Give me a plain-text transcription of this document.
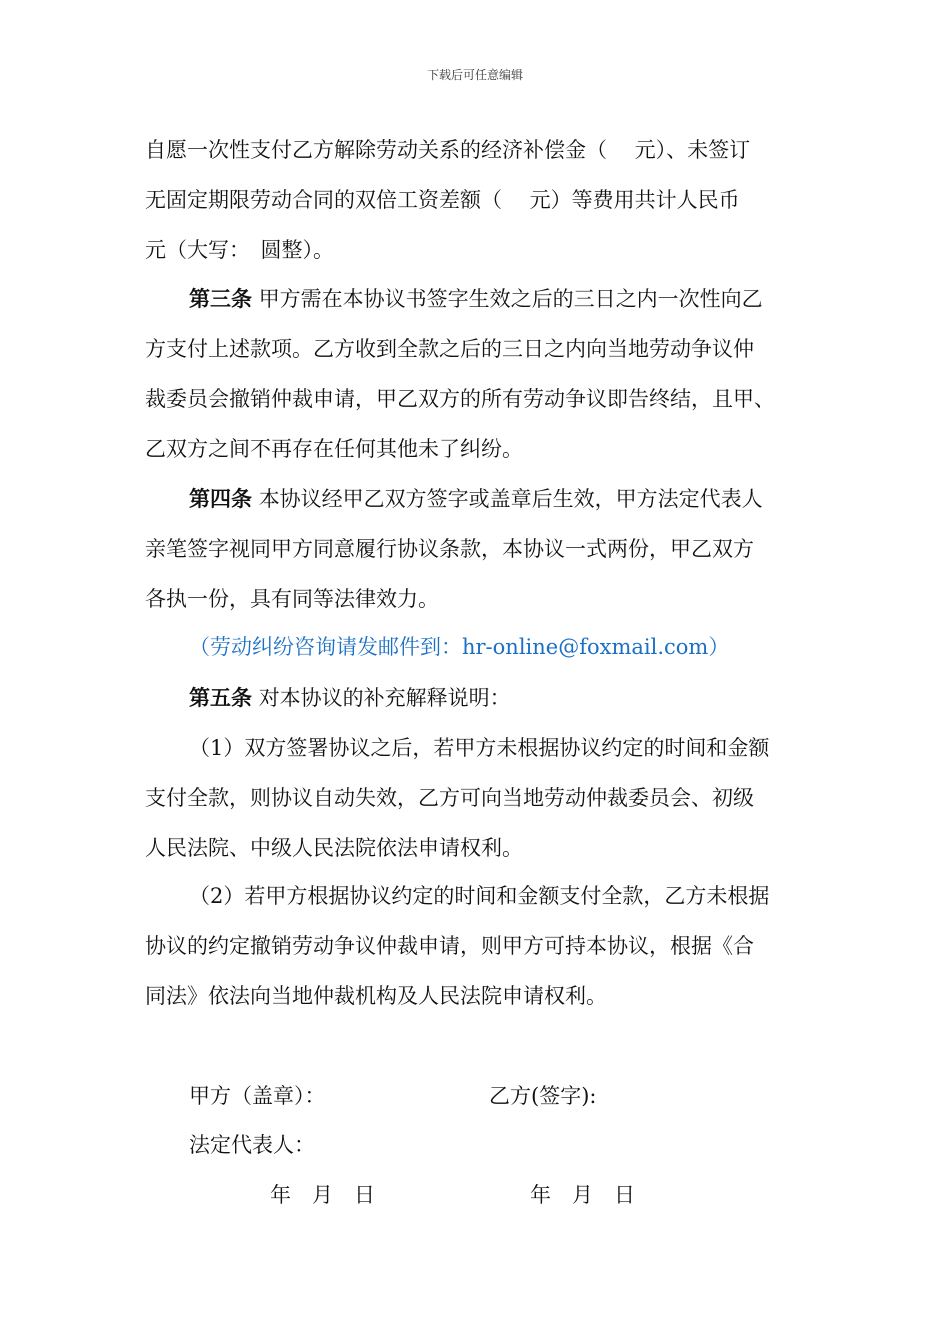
下载后可任意编辑

自愿一次性支付乙方解除劳动关系的经济补偿金（　 元）、未签订

无固定期限劳动合同的双倍工资差额（　 元）等费用共计人民币

元（大写：　圆整）。

第三条 甲方需在本协议书签字生效之后的三日之内一次性向乙

方支付上述款项。乙方收到全款之后的三日之内向当地劳动争议仲

裁委员会撤销仲裁申请，甲乙双方的所有劳动争议即告终结，且甲、

乙双方之间不再存在任何其他未了纠纷。

第四条 本协议经甲乙双方签字或盖章后生效，甲方法定代表人

亲笔签字视同甲方同意履行协议条款，本协议一式两份，甲乙双方

各执一份，具有同等法律效力。

（劳动纠纷咨询请发邮件到：hr-online@foxmail.com）

第五条 对本协议的补充解释说明：

（1）双方签署协议之后，若甲方未根据协议约定的时间和金额

支付全款，则协议自动失效，乙方可向当地劳动仲裁委员会、初级

人民法院、中级人民法院依法申请权利。

（2）若甲方根据协议约定的时间和金额支付全款，乙方未根据

协议的约定撤销劳动争议仲裁申请，则甲方可持本协议，根据《合

同法》依法向当地仲裁机构及人民法院申请权利。

甲方（盖章）：	乙方(签字):

法定代表人：

年　月　日	年　月　日
